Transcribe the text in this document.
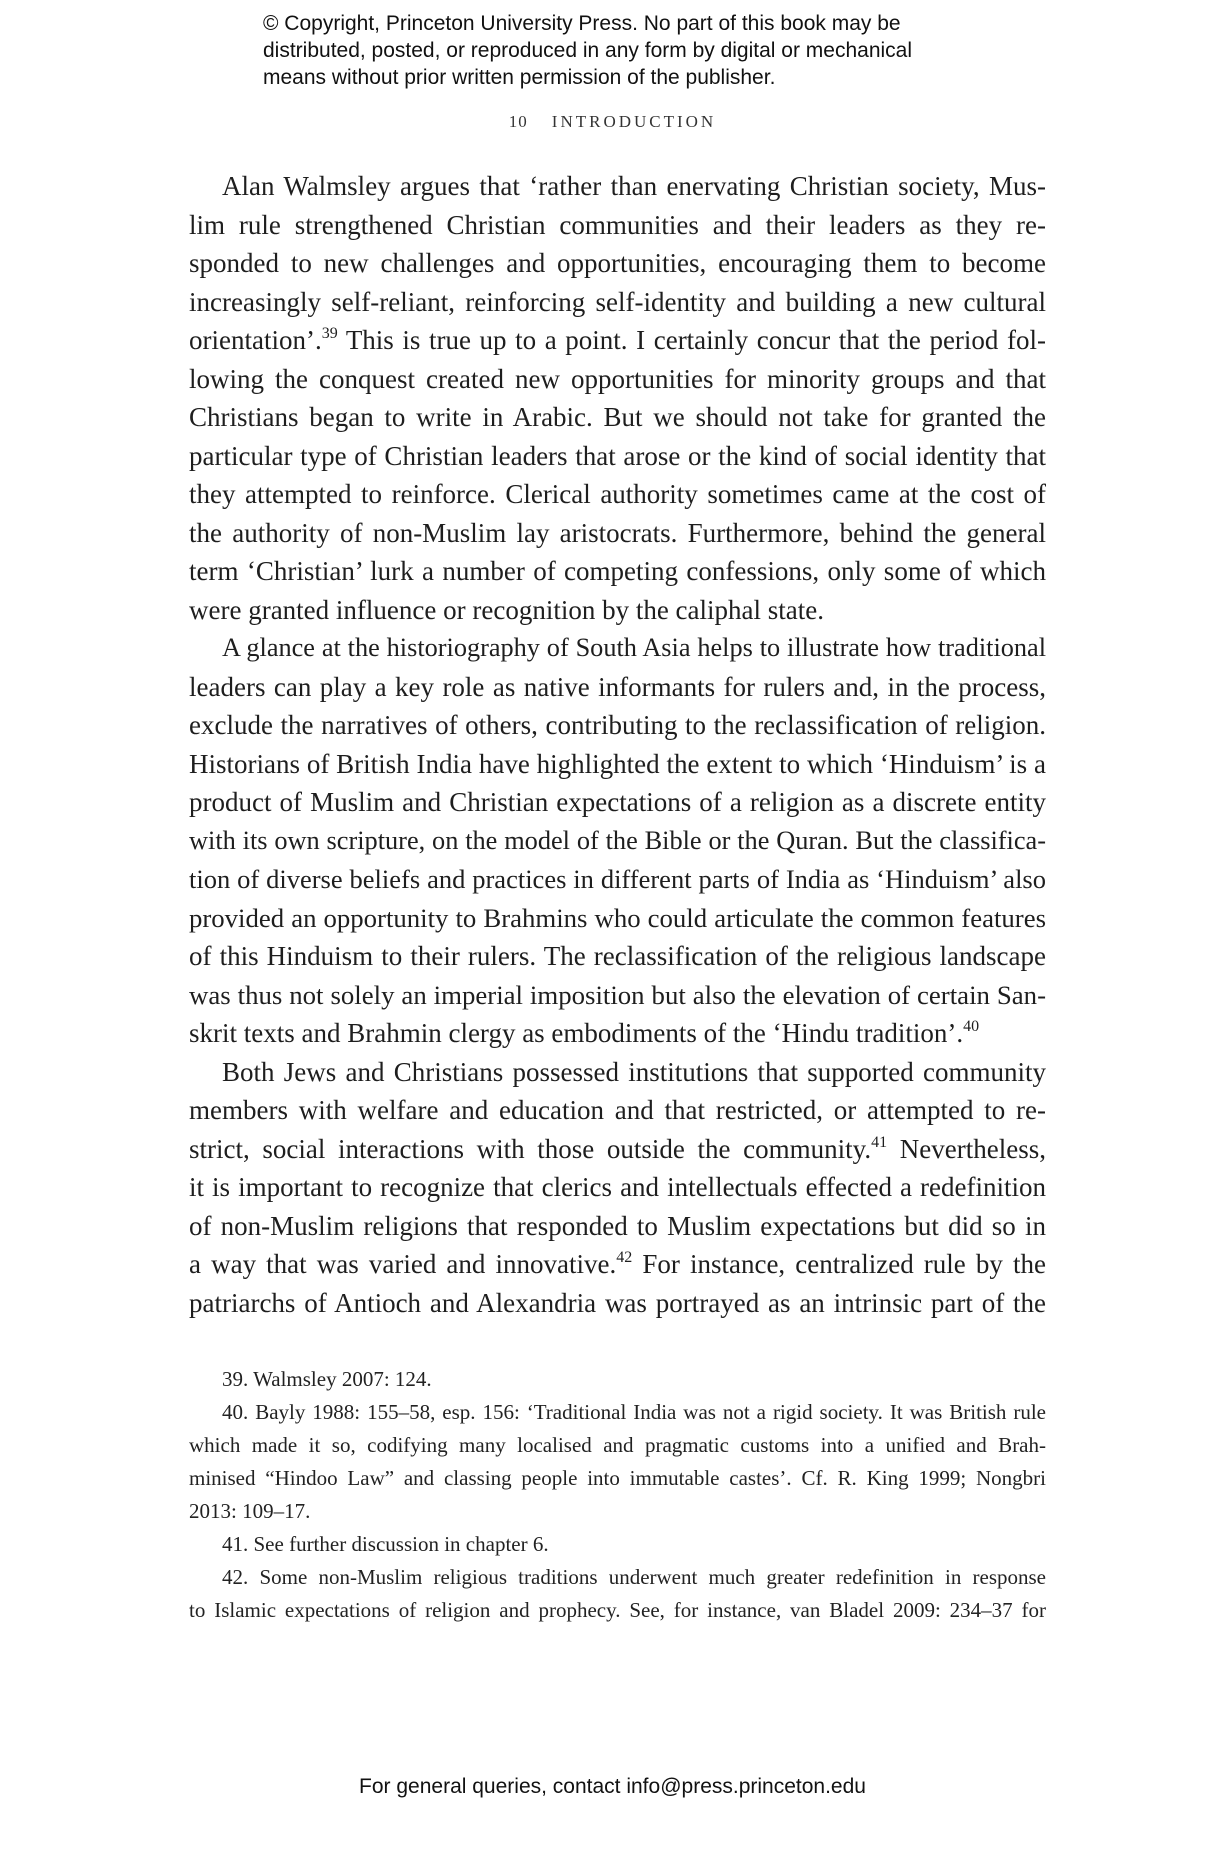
© Copyright, Princeton University Press. No part of this book may be
distributed, posted, or reproduced in any form by digital or mechanical
means without prior written permission of the publisher.
10 INTRODUCTION
Alan Walmsley argues that ‘rather than enervating Christian society, Mus-
lim rule strengthened Christian communities and their leaders as they re-
sponded to new challenges and opportunities, encouraging them to become
increasingly self-reliant, reinforcing self-identity and building a new cultural
orientation’.$^{39}$ This is true up to a point. I certainly concur that the period fol-
lowing the conquest created new opportunities for minority groups and that
Christians began to write in Arabic. But we should not take for granted the
particular type of Christian leaders that arose or the kind of social identity that
they attempted to reinforce. Clerical authority sometimes came at the cost of
the authority of non-Muslim lay aristocrats. Furthermore, behind the general
term ‘Christian’ lurk a number of competing confessions, only some of which
were granted influence or recognition by the caliphal state.
A glance at the historiography of South Asia helps to illustrate how traditional
leaders can play a key role as native informants for rulers and, in the process,
exclude the narratives of others, contributing to the reclassification of religion.
Historians of British India have highlighted the extent to which ‘Hinduism’ is a
product of Muslim and Christian expectations of a religion as a discrete entity
with its own scripture, on the model of the Bible or the Quran. But the classifica-
tion of diverse beliefs and practices in different parts of India as ‘Hinduism’ also
provided an opportunity to Brahmins who could articulate the common features
of this Hinduism to their rulers. The reclassification of the religious landscape
was thus not solely an imperial imposition but also the elevation of certain San-
skrit texts and Brahmin clergy as embodiments of the ‘Hindu tradition’.$^{40}$
Both Jews and Christians possessed institutions that supported community
members with welfare and education and that restricted, or attempted to re-
strict, social interactions with those outside the community.$^{41}$ Nevertheless,
it is important to recognize that clerics and intellectuals effected a redefinition
of non-Muslim religions that responded to Muslim expectations but did so in
a way that was varied and innovative.$^{42}$ For instance, centralized rule by the
patriarchs of Antioch and Alexandria was portrayed as an intrinsic part of the
39. Walmsley 2007: 124.
40. Bayly 1988: 155–58, esp. 156: ‘Traditional India was not a rigid society. It was British rule
which made it so, codifying many localised and pragmatic customs into a unified and Brah-
minised “Hindoo Law” and classing people into immutable castes’. Cf. R. King 1999; Nongbri
2013: 109–17.
41. See further discussion in chapter 6.
42. Some non-Muslim religious traditions underwent much greater redefinition in response
to Islamic expectations of religion and prophecy. See, for instance, van Bladel 2009: 234–37 for
For general queries, contact info@press.princeton.edu
